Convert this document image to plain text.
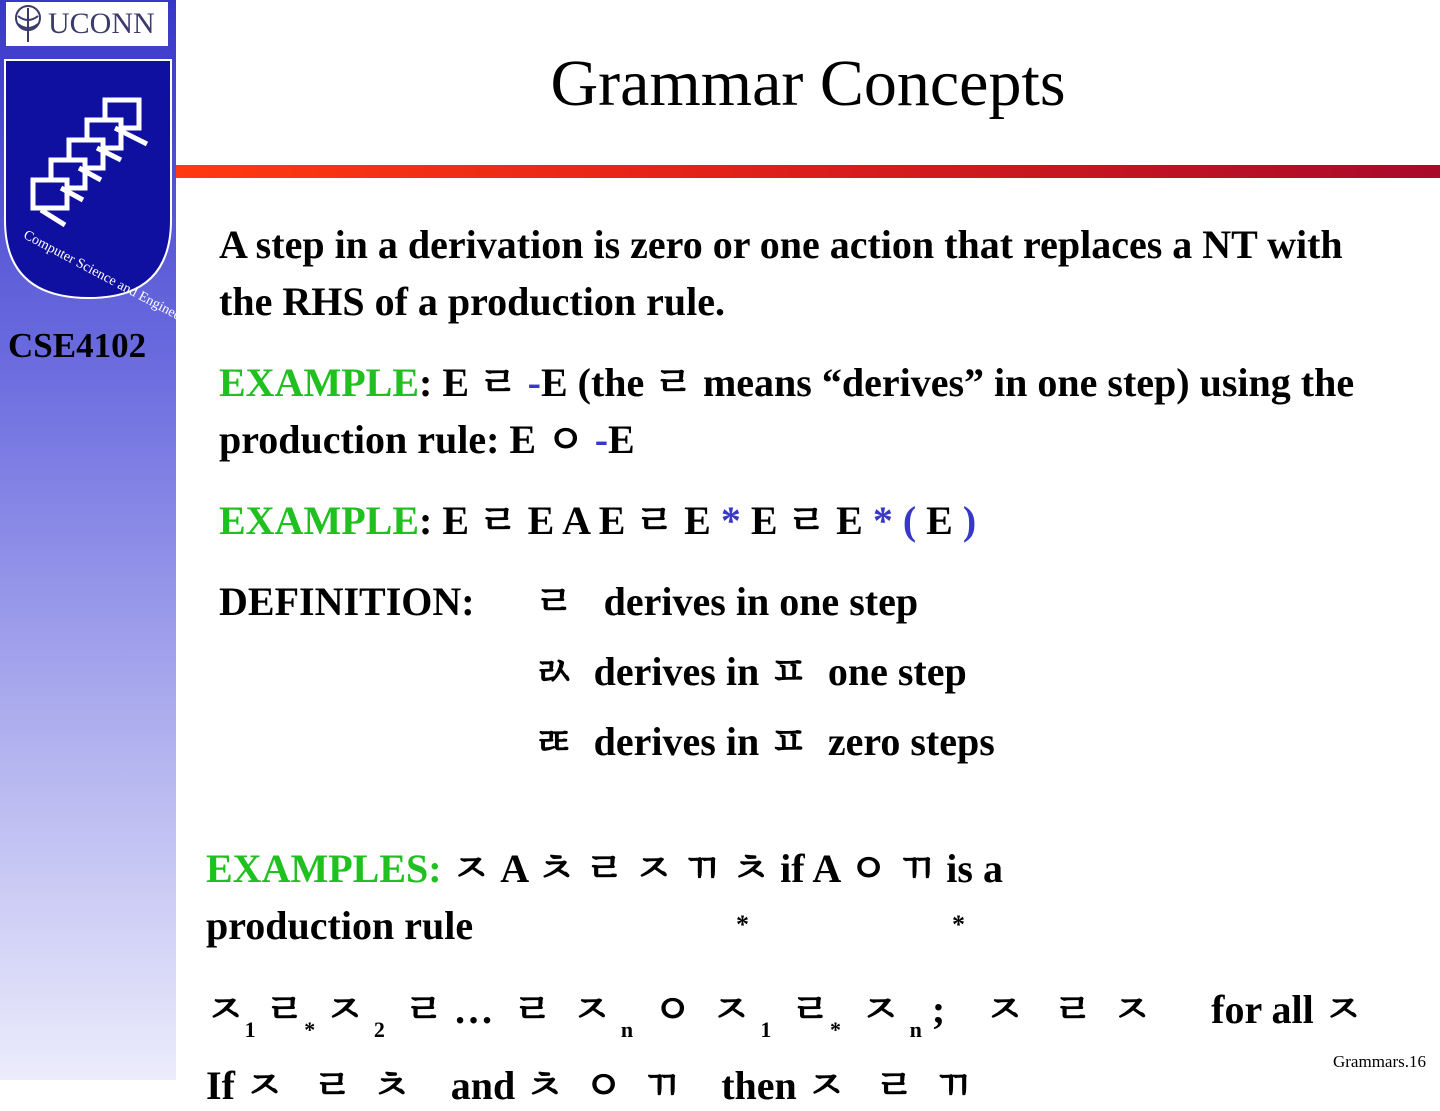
UCONN
Computer Science and Engineering
CSE4102
Grammar Concepts

A step in a derivation is zero or one action that replaces a NT with the RHS of a production rule.

EXAMPLE: E ㄹ -E (the ㄹ means “derives” in one step) using the production rule: E ㅇ -E

EXAMPLE: E ㄹ E A E ㄹ E * E ㄹ E * ( E )

DEFINITION: ㄹ   derives in one step
ㄽ  derives in ㅍ  one step
ㄾ  derives in ㅍ  zero steps
EXAMPLES: ㅈ A ㅊ ㄹ ㅈ ㄲ ㅊ if A ㅇ ㄲ is a
production rule	*	*
ㅈ$_1$ ㄹ$_*$ ㅈ $_2$  ㄹ …  ㄹ  ㅈ $_n$  ㅇ  ㅈ $_1$  ㄹ$_*$  ㅈ $_n$ ;    ㅈ   ㄹ  ㅈ      for all ㅈ
If ㅈ   ㄹ  ㅊ    and ㅊ  ㅇ  ㄲ    then ㅈ   ㄹ  ㄲ
Grammars.16
